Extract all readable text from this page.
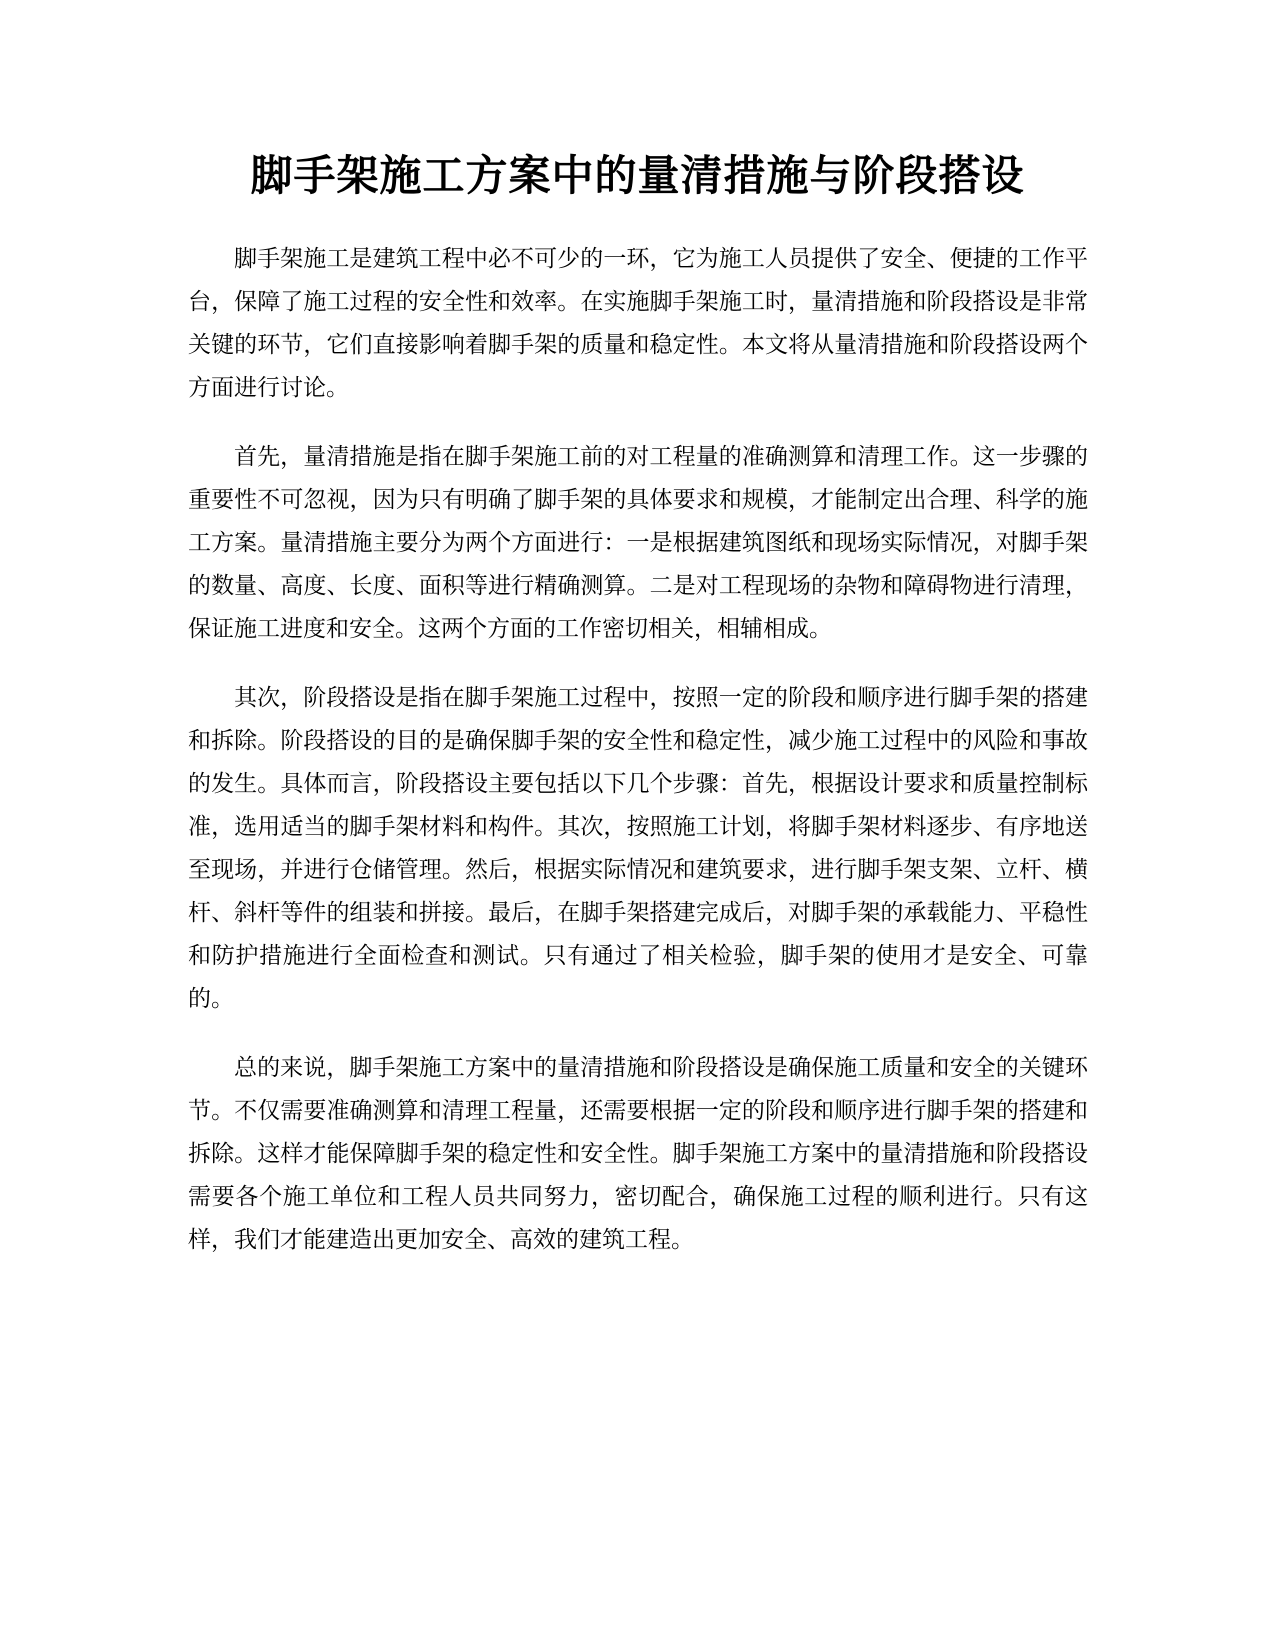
脚手架施工方案中的量清措施与阶段搭设

脚手架施工是建筑工程中必不可少的一环，它为施工人员提供了安全、便捷的工作平台，保障了施工过程的安全性和效率。在实施脚手架施工时，量清措施和阶段搭设是非常关键的环节，它们直接影响着脚手架的质量和稳定性。本文将从量清措施和阶段搭设两个方面进行讨论。

首先，量清措施是指在脚手架施工前的对工程量的准确测算和清理工作。这一步骤的重要性不可忽视，因为只有明确了脚手架的具体要求和规模，才能制定出合理、科学的施工方案。量清措施主要分为两个方面进行：一是根据建筑图纸和现场实际情况，对脚手架的数量、高度、长度、面积等进行精确测算。二是对工程现场的杂物和障碍物进行清理，保证施工进度和安全。这两个方面的工作密切相关，相辅相成。

其次，阶段搭设是指在脚手架施工过程中，按照一定的阶段和顺序进行脚手架的搭建和拆除。阶段搭设的目的是确保脚手架的安全性和稳定性，减少施工过程中的风险和事故的发生。具体而言，阶段搭设主要包括以下几个步骤：首先，根据设计要求和质量控制标准，选用适当的脚手架材料和构件。其次，按照施工计划，将脚手架材料逐步、有序地送至现场，并进行仓储管理。然后，根据实际情况和建筑要求，进行脚手架支架、立杆、横杆、斜杆等件的组装和拼接。最后，在脚手架搭建完成后，对脚手架的承载能力、平稳性和防护措施进行全面检查和测试。只有通过了相关检验，脚手架的使用才是安全、可靠的。

总的来说，脚手架施工方案中的量清措施和阶段搭设是确保施工质量和安全的关键环节。不仅需要准确测算和清理工程量，还需要根据一定的阶段和顺序进行脚手架的搭建和拆除。这样才能保障脚手架的稳定性和安全性。脚手架施工方案中的量清措施和阶段搭设需要各个施工单位和工程人员共同努力，密切配合，确保施工过程的顺利进行。只有这样，我们才能建造出更加安全、高效的建筑工程。
